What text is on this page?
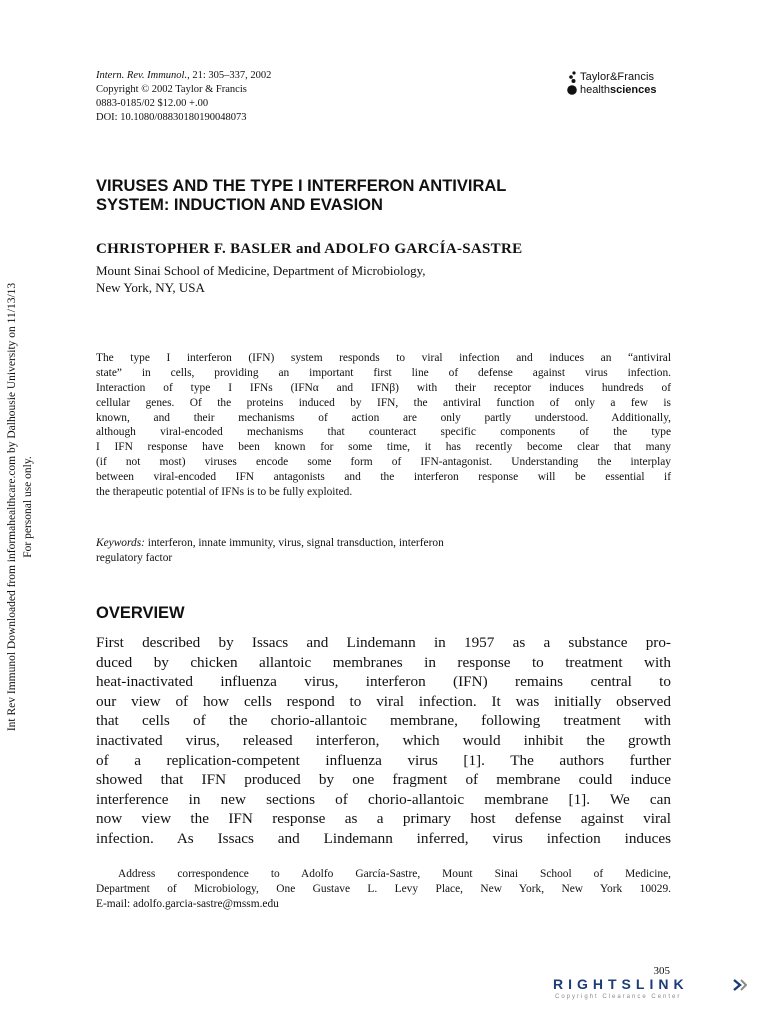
Intern. Rev. Immunol., 21: 305–337, 2002
Copyright © 2002 Taylor & Francis
0883-0185/02 $12.00 +.00
DOI: 10.1080/08830180190048073
Taylor&Francis
healthsciences
VIRUSES AND THE TYPE I INTERFERON ANTIVIRAL
SYSTEM: INDUCTION AND EVASION
CHRISTOPHER F. BASLER and ADOLFO GARCÍA-SASTRE
Mount Sinai School of Medicine, Department of Microbiology,
New York, NY, USA
The type I interferon (IFN) system responds to viral infection and induces an “antiviral
state” in cells, providing an important first line of defense against virus infection.
Interaction of type I IFNs (IFNα and IFNβ) with their receptor induces hundreds of
cellular genes. Of the proteins induced by IFN, the antiviral function of only a few is
known, and their mechanisms of action are only partly understood. Additionally,
although viral-encoded mechanisms that counteract specific components of the type
I IFN response have been known for some time, it has recently become clear that many
(if not most) viruses encode some form of IFN-antagonist. Understanding the interplay
between viral-encoded IFN antagonists and the interferon response will be essential if
the therapeutic potential of IFNs is to be fully exploited.
Keywords: interferon, innate immunity, virus, signal transduction, interferon
regulatory factor
OVERVIEW
First described by Issacs and Lindemann in 1957 as a substance pro-
duced by chicken allantoic membranes in response to treatment with
heat-inactivated influenza virus, interferon (IFN) remains central to
our view of how cells respond to viral infection. It was initially observed
that cells of the chorio-allantoic membrane, following treatment with
inactivated virus, released interferon, which would inhibit the growth
of a replication-competent influenza virus [1]. The authors further
showed that IFN produced by one fragment of membrane could induce
interference in new sections of chorio-allantoic membrane [1]. We can
now view the IFN response as a primary host defense against viral
infection. As Issacs and Lindemann inferred, virus infection induces
Address correspondence to Adolfo García-Sastre, Mount Sinai School of Medicine,
Department of Microbiology, One Gustave L. Levy Place, New York, New York 10029.
E-mail: adolfo.garcia-sastre@mssm.edu
305
RIGHTSLINK
Copyright Clearance Center
Int Rev Immunol Downloaded from informahealthcare.com by Dalhousie University on 11/13/13 For personal use only.
